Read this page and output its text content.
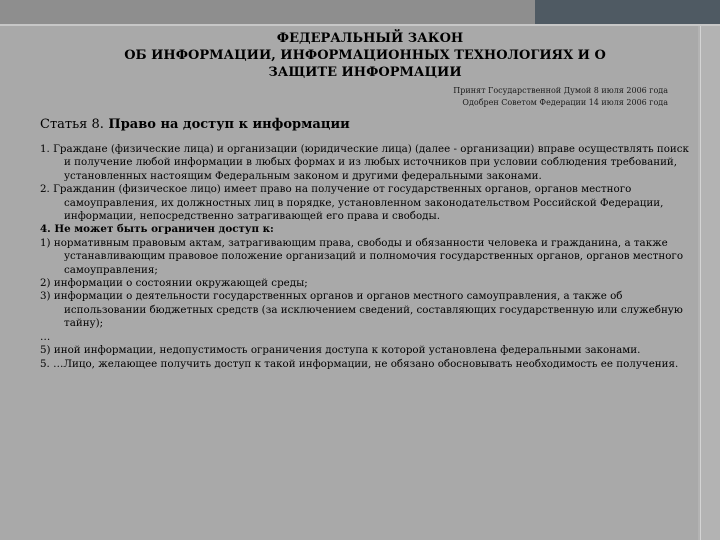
ФЕДЕРАЛЬНЫЙ ЗАКОН
ОБ ИНФОРМАЦИИ, ИНФОРМАЦИОННЫХ ТЕХНОЛОГИЯХ И О
ЗАЩИТЕ ИНФОРМАЦИИ
Принят Государственной Думой 8 июля 2006 года
Одобрен Советом Федерации 14 июля 2006 года
Статья 8. Право на доступ к информации

1. Граждане (физические лица) и организации (юридические лица) (далее - организации) вправе осуществлять поиск и получение любой информации в любых формах и из любых источников при условии соблюдения требований, установленных настоящим Федеральным законом и другими федеральными законами.

2. Гражданин (физическое лицо) имеет право на получение от государственных органов, органов местного самоуправления, их должностных лиц в порядке, установленном законодательством Российской Федерации, информации, непосредственно затрагивающей его права и свободы.

4. Не может быть ограничен доступ к:

1) нормативным правовым актам, затрагивающим права, свободы и обязанности человека и гражданина, а также устанавливающим правовое положение организаций и полномочия государственных органов, органов местного самоуправления;

2) информации о состоянии окружающей среды;

3) информации о деятельности государственных органов и органов местного самоуправления, а также об использовании бюджетных средств (за исключением сведений, составляющих государственную или служебную тайну);

…

5) иной информации, недопустимость ограничения доступа к которой установлена федеральными законами.

5. …Лицо, желающее получить доступ к такой информации, не обязано обосновывать необходимость ее получения.
